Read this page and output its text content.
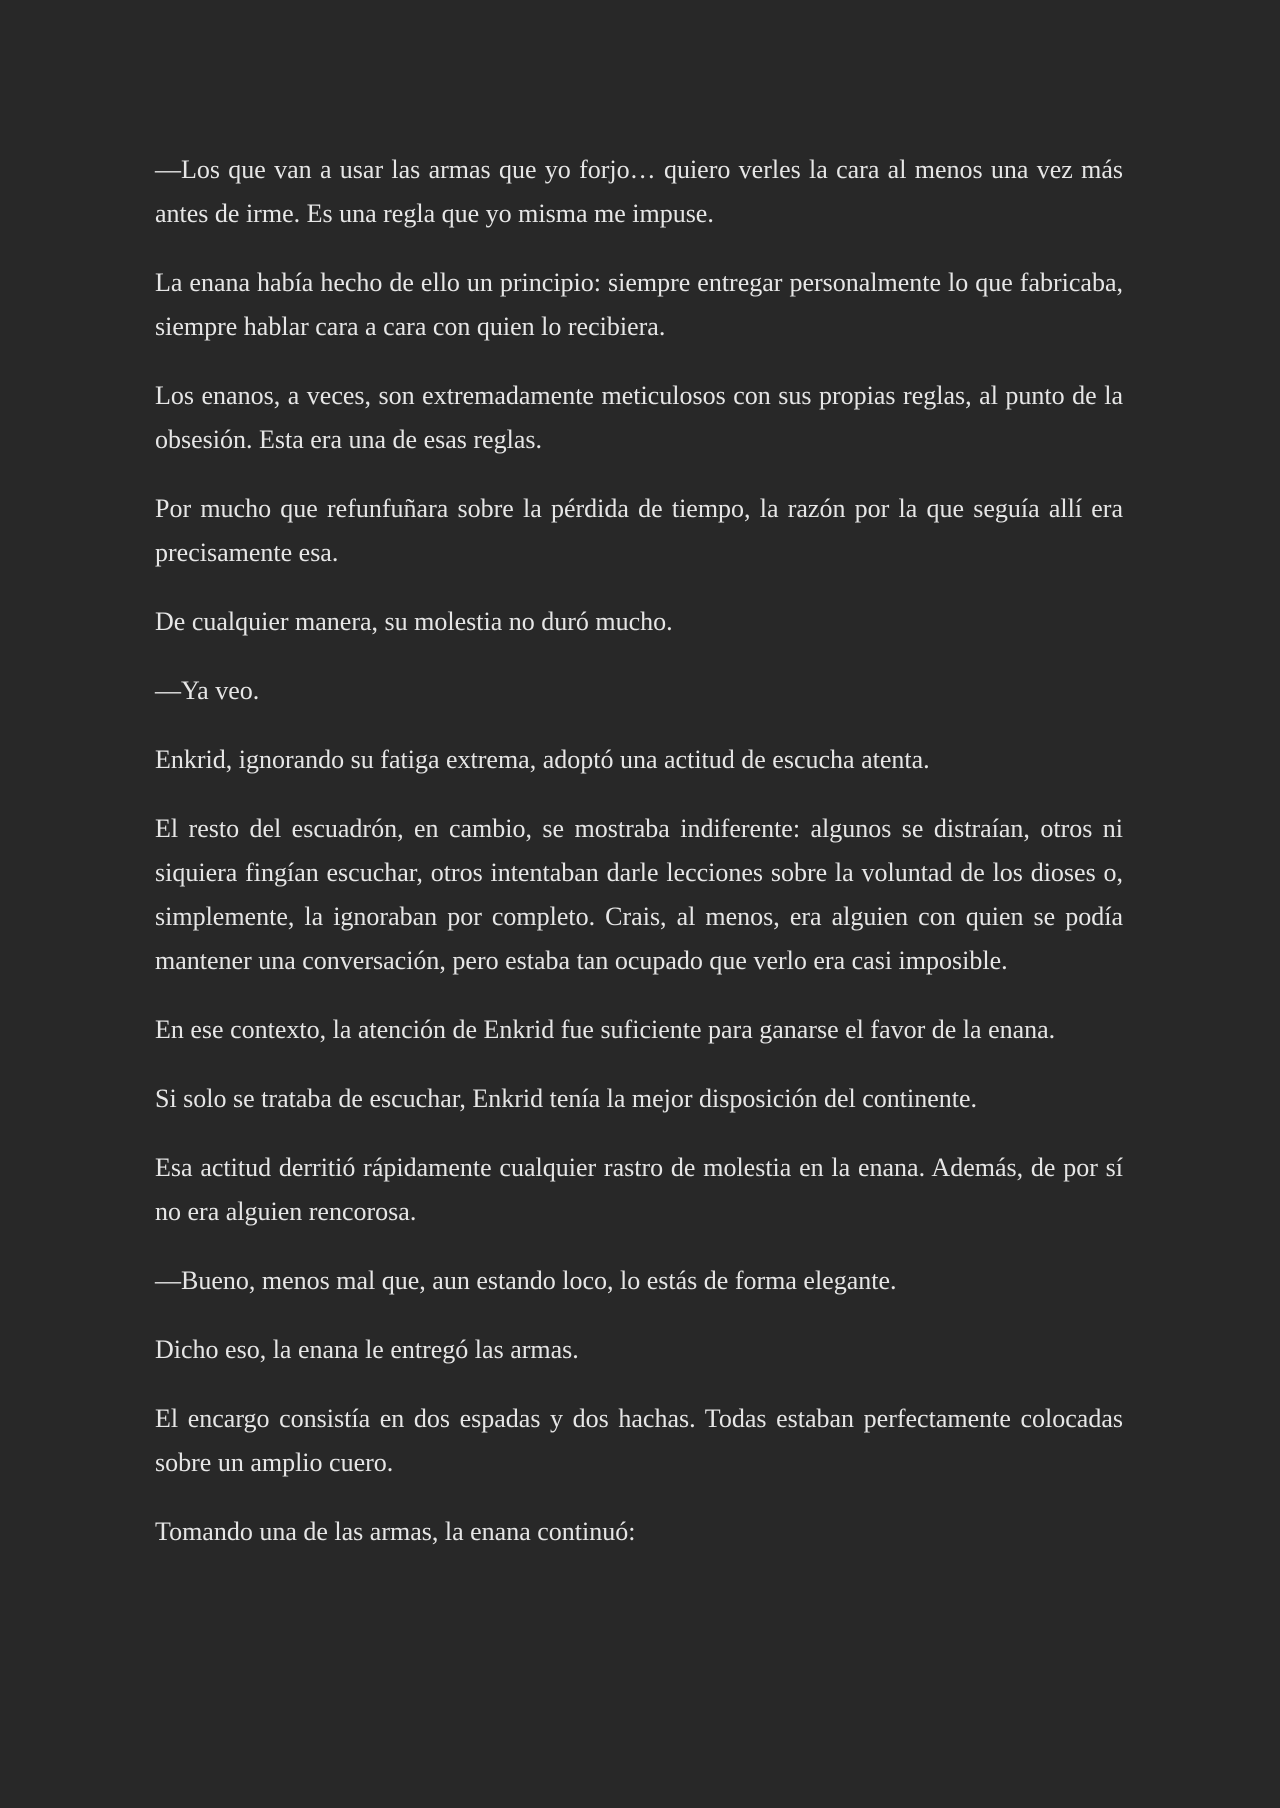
—Los que van a usar las armas que yo forjo… quiero verles la cara al menos una vez más antes de irme. Es una regla que yo misma me impuse.

La enana había hecho de ello un principio: siempre entregar personalmente lo que fabricaba, siempre hablar cara a cara con quien lo recibiera.

Los enanos, a veces, son extremadamente meticulosos con sus propias reglas, al punto de la obsesión. Esta era una de esas reglas.

Por mucho que refunfuñara sobre la pérdida de tiempo, la razón por la que seguía allí era precisamente esa.

De cualquier manera, su molestia no duró mucho.

—Ya veo.

Enkrid, ignorando su fatiga extrema, adoptó una actitud de escucha atenta.

El resto del escuadrón, en cambio, se mostraba indiferente: algunos se distraían, otros ni siquiera fingían escuchar, otros intentaban darle lecciones sobre la voluntad de los dioses o, simplemente, la ignoraban por completo. Crais, al menos, era alguien con quien se podía mantener una conversación, pero estaba tan ocupado que verlo era casi imposible.

En ese contexto, la atención de Enkrid fue suficiente para ganarse el favor de la enana.

Si solo se trataba de escuchar, Enkrid tenía la mejor disposición del continente.

Esa actitud derritió rápidamente cualquier rastro de molestia en la enana. Además, de por sí no era alguien rencorosa.

—Bueno, menos mal que, aun estando loco, lo estás de forma elegante.

Dicho eso, la enana le entregó las armas.

El encargo consistía en dos espadas y dos hachas. Todas estaban perfectamente colocadas sobre un amplio cuero.

Tomando una de las armas, la enana continuó:
